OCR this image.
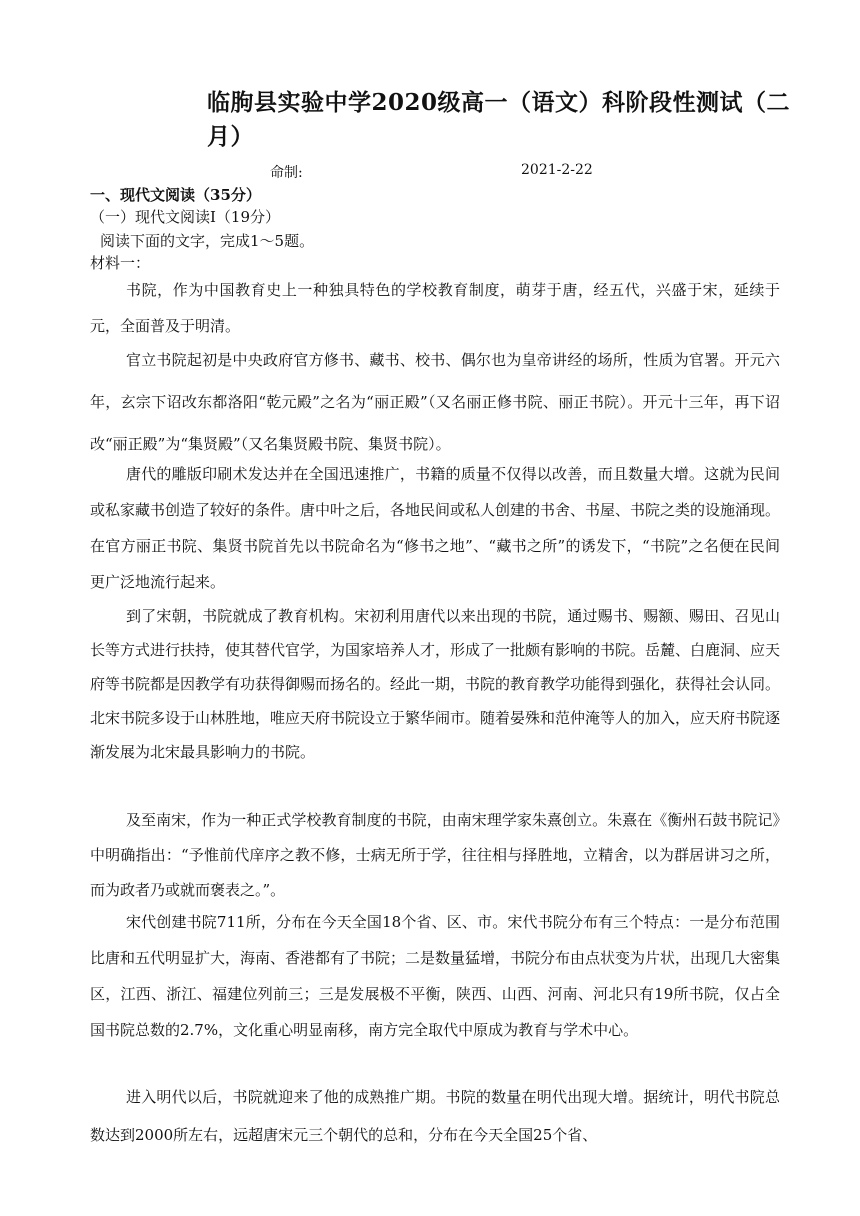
临朐县实验中学2020级高一（语文）科阶段性测试（二月）
命制:	2021-2-22
一、现代文阅读（35分）
（一）现代文阅读Ⅰ（19分）
阅读下面的文字，完成1～5题。
材料一：
书院，作为中国教育史上一种独具特色的学校教育制度，萌芽于唐，经五代，兴盛于宋，延续于元，全面普及于明清。
官立书院起初是中央政府官方修书、藏书、校书、偶尔也为皇帝讲经的场所，性质为官署。开元六年，玄宗下诏改东都洛阳“乾元殿”之名为“丽正殿”（又名丽正修书院、丽正书院）。开元十三年，再下诏改“丽正殿”为“集贤殿”（又名集贤殿书院、集贤书院）。
唐代的雕版印刷术发达并在全国迅速推广，书籍的质量不仅得以改善，而且数量大增。这就为民间或私家藏书创造了较好的条件。唐中叶之后，各地民间或私人创建的书舍、书屋、书院之类的设施涌现。在官方丽正书院、集贤书院首先以书院命名为“修书之地”、“藏书之所”的诱发下，“书院”之名便在民间更广泛地流行起来。
到了宋朝，书院就成了教育机构。宋初利用唐代以来出现的书院，通过赐书、赐额、赐田、召见山长等方式进行扶持，使其替代官学，为国家培养人才，形成了一批颇有影响的书院。岳麓、白鹿洞、应天府等书院都是因教学有功获得御赐而扬名的。经此一期，书院的教育教学功能得到强化，获得社会认同。北宋书院多设于山林胜地，唯应天府书院设立于繁华闹市。随着晏殊和范仲淹等人的加入，应天府书院逐渐发展为北宋最具影响力的书院。
及至南宋，作为一种正式学校教育制度的书院，由南宋理学家朱熹创立。朱熹在《衡州石鼓书院记》中明确指出：“予惟前代庠序之教不修，士病无所于学，往往相与择胜地，立精舍，以为群居讲习之所，而为政者乃或就而褒表之。”。
宋代创建书院711所，分布在今天全国18个省、区、市。宋代书院分布有三个特点：一是分布范围比唐和五代明显扩大，海南、香港都有了书院；二是数量猛增，书院分布由点状变为片状，出现几大密集区，江西、浙江、福建位列前三；三是发展极不平衡，陕西、山西、河南、河北只有19所书院，仅占全国书院总数的2.7%，文化重心明显南移，南方完全取代中原成为教育与学术中心。
进入明代以后，书院就迎来了他的成熟推广期。书院的数量在明代出现大增。据统计，明代书院总数达到2000所左右，远超唐宋元三个朝代的总和，分布在今天全国25个省、
